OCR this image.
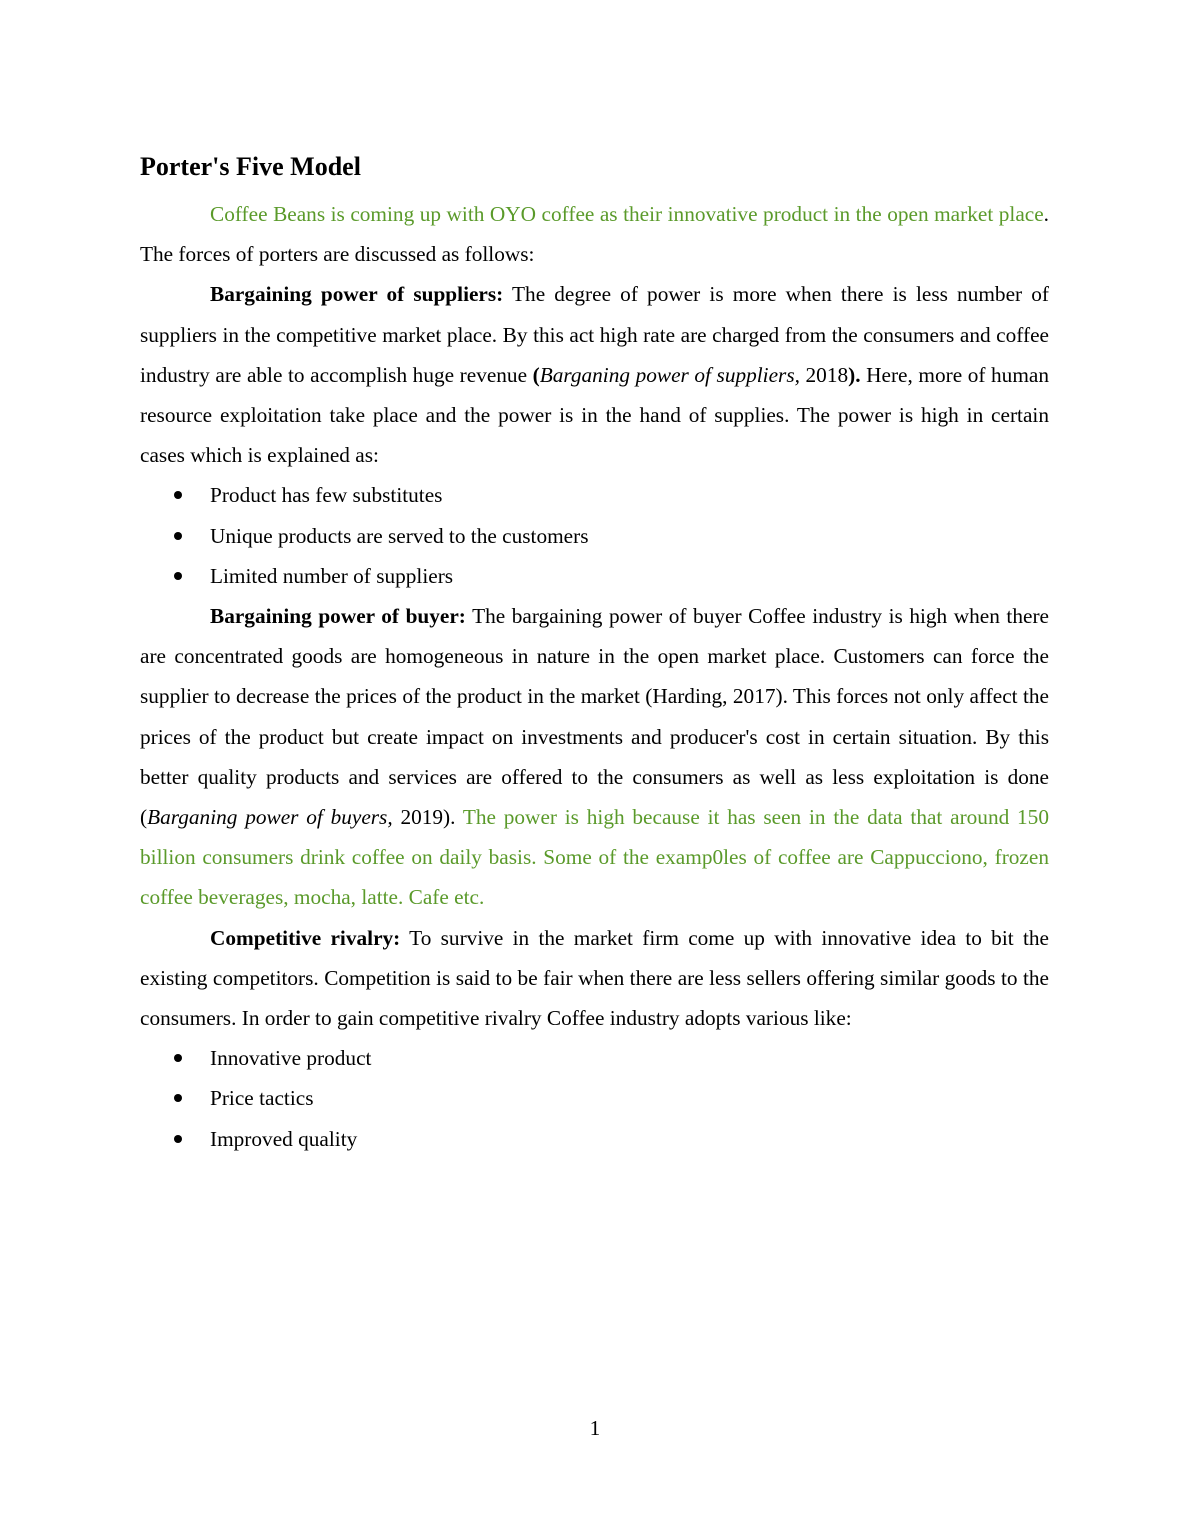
Porter's Five Model

Coffee Beans is coming up with OYO coffee as their innovative product in the open market place. The forces of porters are discussed as follows:

Bargaining power of suppliers: The degree of power is more when there is less number of suppliers in the competitive market place. By this act high rate are charged from the consumers and coffee industry are able to accomplish huge revenue (Barganing power of suppliers, 2018). Here, more of human resource exploitation take place and the power is in the hand of supplies. The power is high in certain cases which is explained as:

Product has few substitutes
Unique products are served to the customers
Limited number of suppliers

Bargaining power of buyer: The bargaining power of buyer Coffee industry is high when there are concentrated goods are homogeneous in nature in the open market place. Customers can force the supplier to decrease the prices of the product in the market (Harding, 2017). This forces not only affect the prices of the product but create impact on investments and producer's cost in certain situation. By this better quality products and services are offered to the consumers as well as less exploitation is done (Barganing power of buyers, 2019). The power is high because it has seen in the data that around 150 billion consumers drink coffee on daily basis. Some of the examp0les of coffee are Cappucciono, frozen coffee beverages, mocha, latte. Cafe etc.

Competitive rivalry: To survive in the market firm come up with innovative idea to bit the existing competitors. Competition is said to be fair when there are less sellers offering similar goods to the consumers. In order to gain competitive rivalry Coffee industry adopts various like:

Innovative product
Price tactics
Improved quality
1
